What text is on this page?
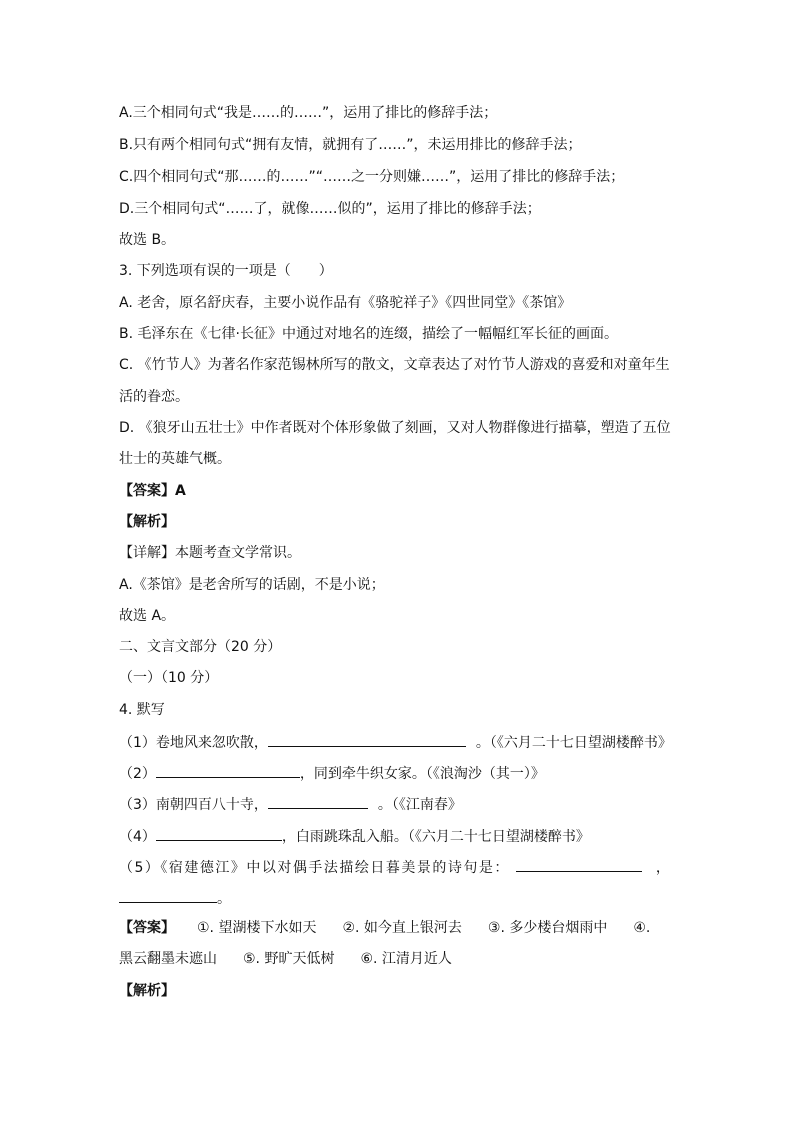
A.三个相同句式“我是……的……”，运用了排比的修辞手法；
B.只有两个相同句式“拥有友情，就拥有了……”，未运用排比的修辞手法；
C.四个相同句式“那……的……”“……之一分则嫌……”，运用了排比的修辞手法；
D.三个相同句式“……了，就像……似的”，运用了排比的修辞手法；
故选 B。
3. 下列选项有误的一项是（　　）
A. 老舍，原名舒庆春，主要小说作品有《骆驼祥子》《四世同堂》《茶馆》
B. 毛泽东在《七律·长征》中通过对地名的连缀，描绘了一幅幅红军长征的画面。
C. 《竹节人》为著名作家范锡林所写的散文，文章表达了对竹节人游戏的喜爱和对童年生
活的眷恋。
D. 《狼牙山五壮士》中作者既对个体形象做了刻画，又对人物群像进行描摹，塑造了五位
壮士的英雄气概。
【答案】A
【解析】
【详解】本题考查文学常识。
A.《茶馆》是老舍所写的话剧，不是小说；
故选 A。
二、文言文部分（20 分）
（一）（10 分）
4. 默写
（1）卷地风来忽吹散，	。（《六月二十七日望湖楼醉书》
（2）	，同到牵牛织女家。（《浪淘沙（其一）》
（3）南朝四百八十寺，	。（《江南春》
（4）	，白雨跳珠乱入船。（《六月二十七日望湖楼醉书》
（5）《宿建德江》中以对偶手法描绘日暮美景的诗句是：	，
。
【答案】 ①. 望湖楼下水如天 ②. 如今直上银河去 ③. 多少楼台烟雨中 ④.
黑云翻墨未遮山 ⑤. 野旷天低树 ⑥. 江清月近人
【解析】
